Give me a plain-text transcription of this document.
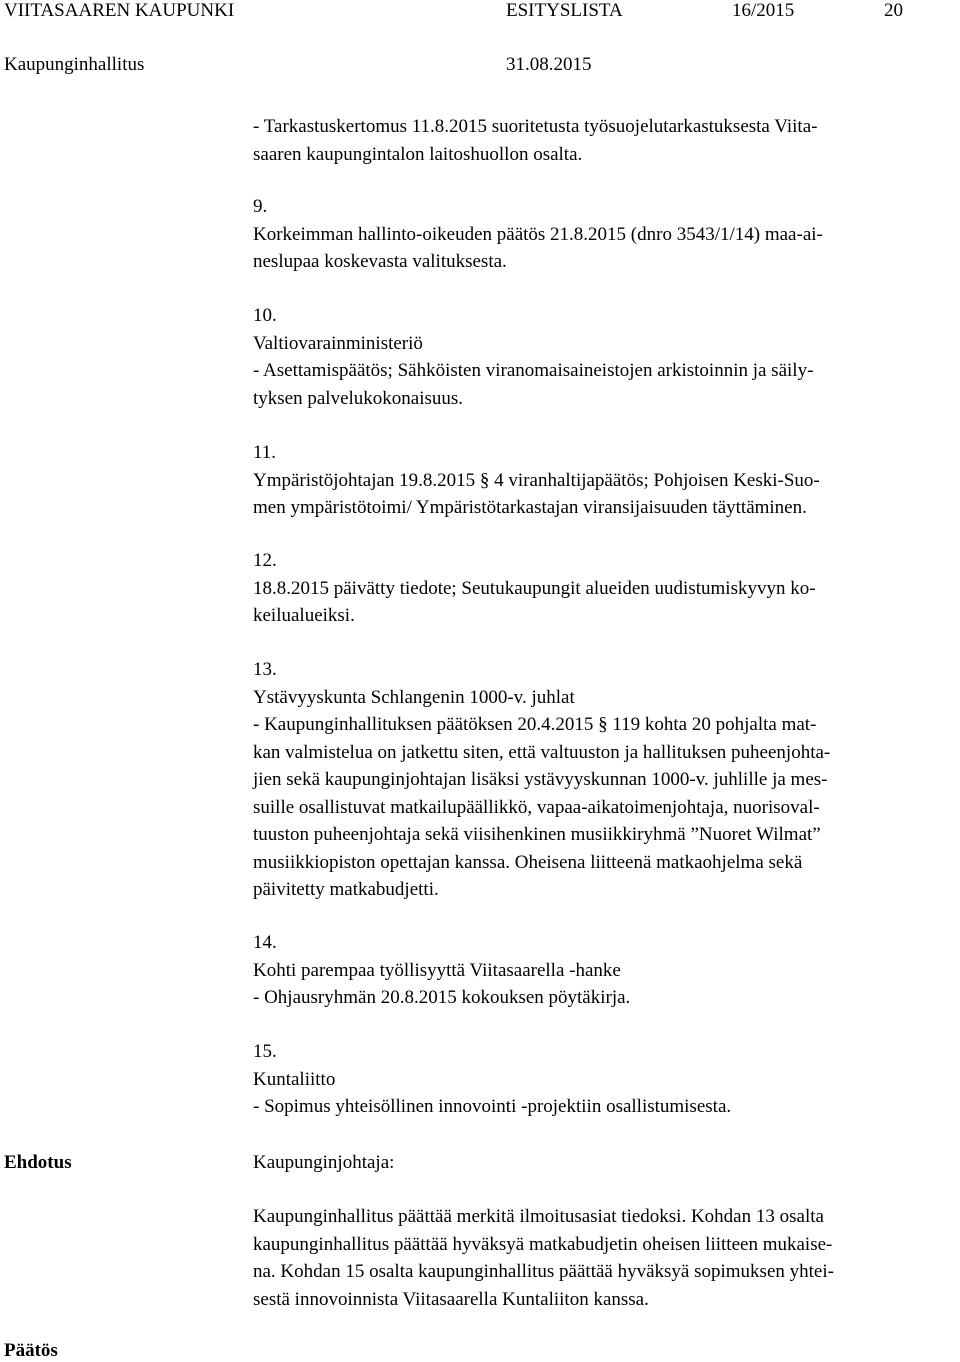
VIITASAAREN KAUPUNKI	ESITYSLISTA	16/2015	20
Kaupunginhallitus	31.08.2015
- Tarkastuskertomus 11.8.2015 suoritetusta työsuojelutarkastuksesta Viita-
saaren kaupungintalon laitoshuollon osalta.
9.
Korkeimman hallinto-oikeuden päätös 21.8.2015 (dnro 3543/1/14) maa-ai-
neslupaa koskevasta valituksesta.
10.
Valtiovarainministeriö
- Asettamispäätös; Sähköisten viranomaisaineistojen arkistoinnin ja säily-
tyksen palvelukokonaisuus.
11.
Ympäristöjohtajan 19.8.2015 § 4 viranhaltijapäätös; Pohjoisen Keski-Suo-
men ympäristötoimi/ Ympäristötarkastajan viransijaisuuden täyttäminen.
12.
18.8.2015 päivätty tiedote; Seutukaupungit alueiden uudistumiskyvyn ko-
keilualueiksi.
13.
Ystävyyskunta Schlangenin 1000-v. juhlat
- Kaupunginhallituksen päätöksen 20.4.2015 § 119 kohta 20 pohjalta mat-
kan valmistelua on jatkettu siten, että valtuuston ja hallituksen puheenjohta-
jien sekä kaupunginjohtajan lisäksi ystävyyskunnan 1000-v. juhlille ja mes-
suille osallistuvat matkailupäällikkö, vapaa-aikatoimenjohtaja, nuorisoval-
tuuston puheenjohtaja sekä viisihenkinen musiikkiryhmä ”Nuoret Wilmat”
musiikkiopiston opettajan kanssa. Oheisena liitteenä matkaohjelma sekä
päivitetty matkabudjetti.
14.
Kohti parempaa työllisyyttä Viitasaarella -hanke
- Ohjausryhmän 20.8.2015 kokouksen pöytäkirja.
15.
Kuntaliitto
- Sopimus yhteisöllinen innovointi -projektiin osallistumisesta.
Ehdotus	Kaupunginjohtaja:
Kaupunginhallitus päättää merkitä ilmoitusasiat tiedoksi. Kohdan 13 osalta
kaupunginhallitus päättää hyväksyä matkabudjetin oheisen liitteen mukaise-
na. Kohdan 15 osalta kaupunginhallitus päättää hyväksyä sopimuksen yhtei-
sestä innovoinnista Viitasaarella Kuntaliiton kanssa.
Päätös
